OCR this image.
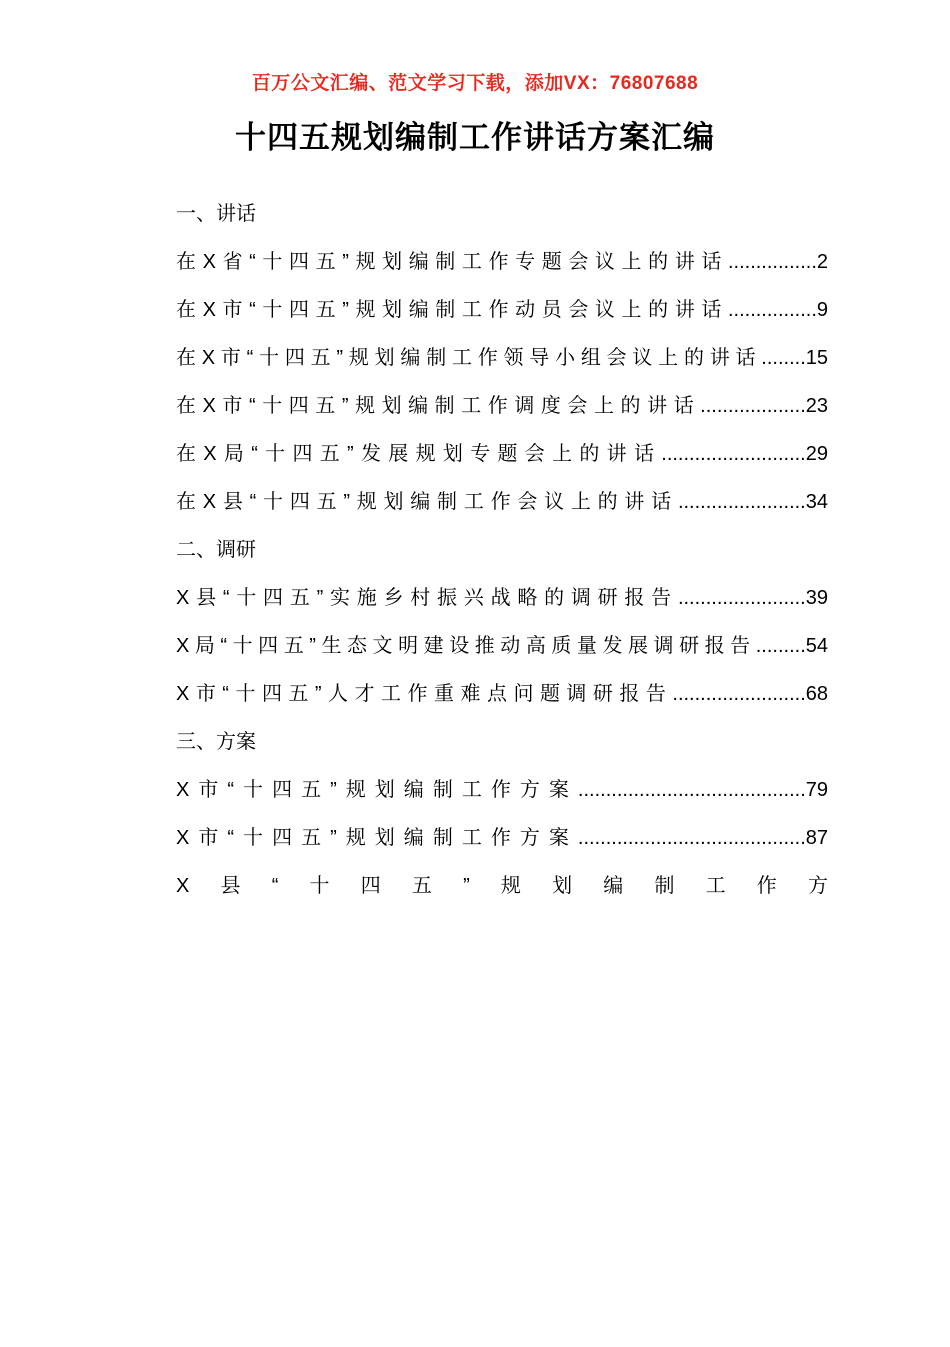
百万公文汇编、范文学习下载，添加VX：76807688
十四五规划编制工作讲话方案汇编
一、讲话
在X省“十四五”规划编制工作专题会议上的讲话................2
在X市“十四五”规划编制工作动员会议上的讲话................9
在X市“十四五”规划编制工作领导小组会议上的讲话........15
在X市“十四五”规划编制工作调度会上的讲话...................23
在X局“十四五”发展规划专题会上的讲话..........................29
在X县“十四五”规划编制工作会议上的讲话.......................34
二、调研
X县“十四五”实施乡村振兴战略的调研报告.......................39
X局“十四五”生态文明建设推动高质量发展调研报告.........54
X市“十四五”人才工作重难点问题调研报告........................68
三、方案
X市“十四五”规划编制工作方案.........................................79
X市“十四五”规划编制工作方案.........................................87
X县“十四五”规划编制工作方
